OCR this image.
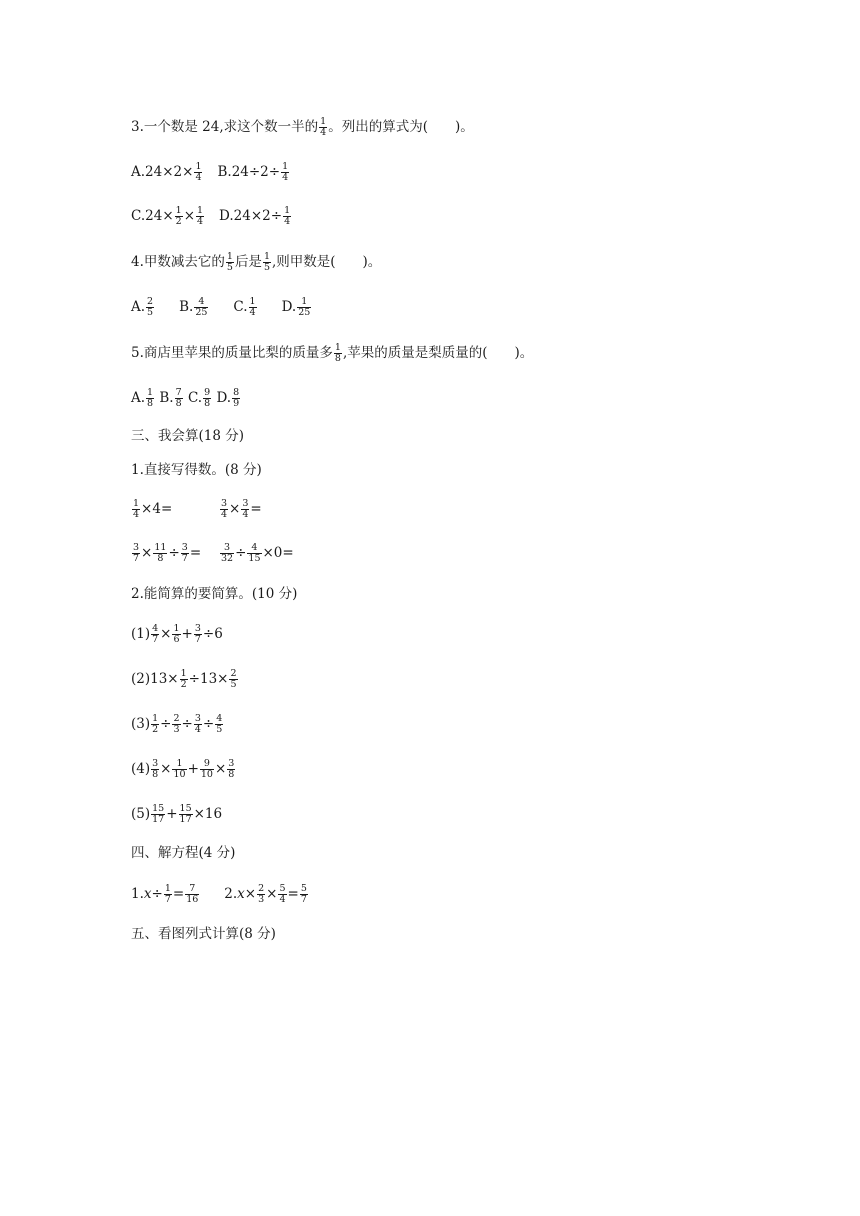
3.一个数是 24,求这个数一半的 $\frac{1}{4}$ 。列出的算式为(　　)。
$A.24\times 2\times \frac{1}{4} B.24\div 2\div \frac{1}{4}$
$C.24\times \frac{1}{2} \times \frac{1}{4} D.24\times 2\div \frac{1}{4}$
4.甲数减去它的 $\frac{1}{5}$ 后是 $\frac{1}{5}$ ,则甲数是(　　)。
A. $\frac{2}{5} B$. $\frac{4}{25} C$. $\frac{1}{4} D$. $\frac{1}{25}$
5.商店里苹果的质量比梨的质量多 $\frac{1}{8}$ ,苹果的质量是梨质量的(　　)。
A. $\frac{1}{8} B$. $\frac{7}{8} C$. $\frac{9}{8} D$. $\frac{8}{9}$
三、我会算(18 分)
1.直接写得数。(8 分)
$\frac{1}{4} \times 4=$	$\frac{3}{4} \times \frac{3}{4}$ =
$\frac{3}{7} \times \frac{11}{8} \div \frac{3}{7} = \frac{3}{32} \div \frac{4}{15} \times 0=$
2.能简算的要简算。(10 分)
$(1) \frac{4}{7} \times \frac{1}{6} + \frac{3}{7} \div 6$
$(2)13\times \frac{1}{2} \div 13\times \frac{2}{5}$
$(3) \frac{1}{2} \div \frac{2}{3} \div \frac{3}{4} \div \frac{4}{5}$
$(4) \frac{3}{8} \times \frac{1}{10} + \frac{9}{10} \times \frac{3}{8}$
$(5) \frac{15}{17} + \frac{15}{17} \times 16$
四、解方程(4 分)
$1.x\div \frac{1}{7} = \frac{7}{16} 2.x\times \frac{2}{3} \times \frac{5}{4} = \frac{5}{7}$
五、看图列式计算(8 分)
